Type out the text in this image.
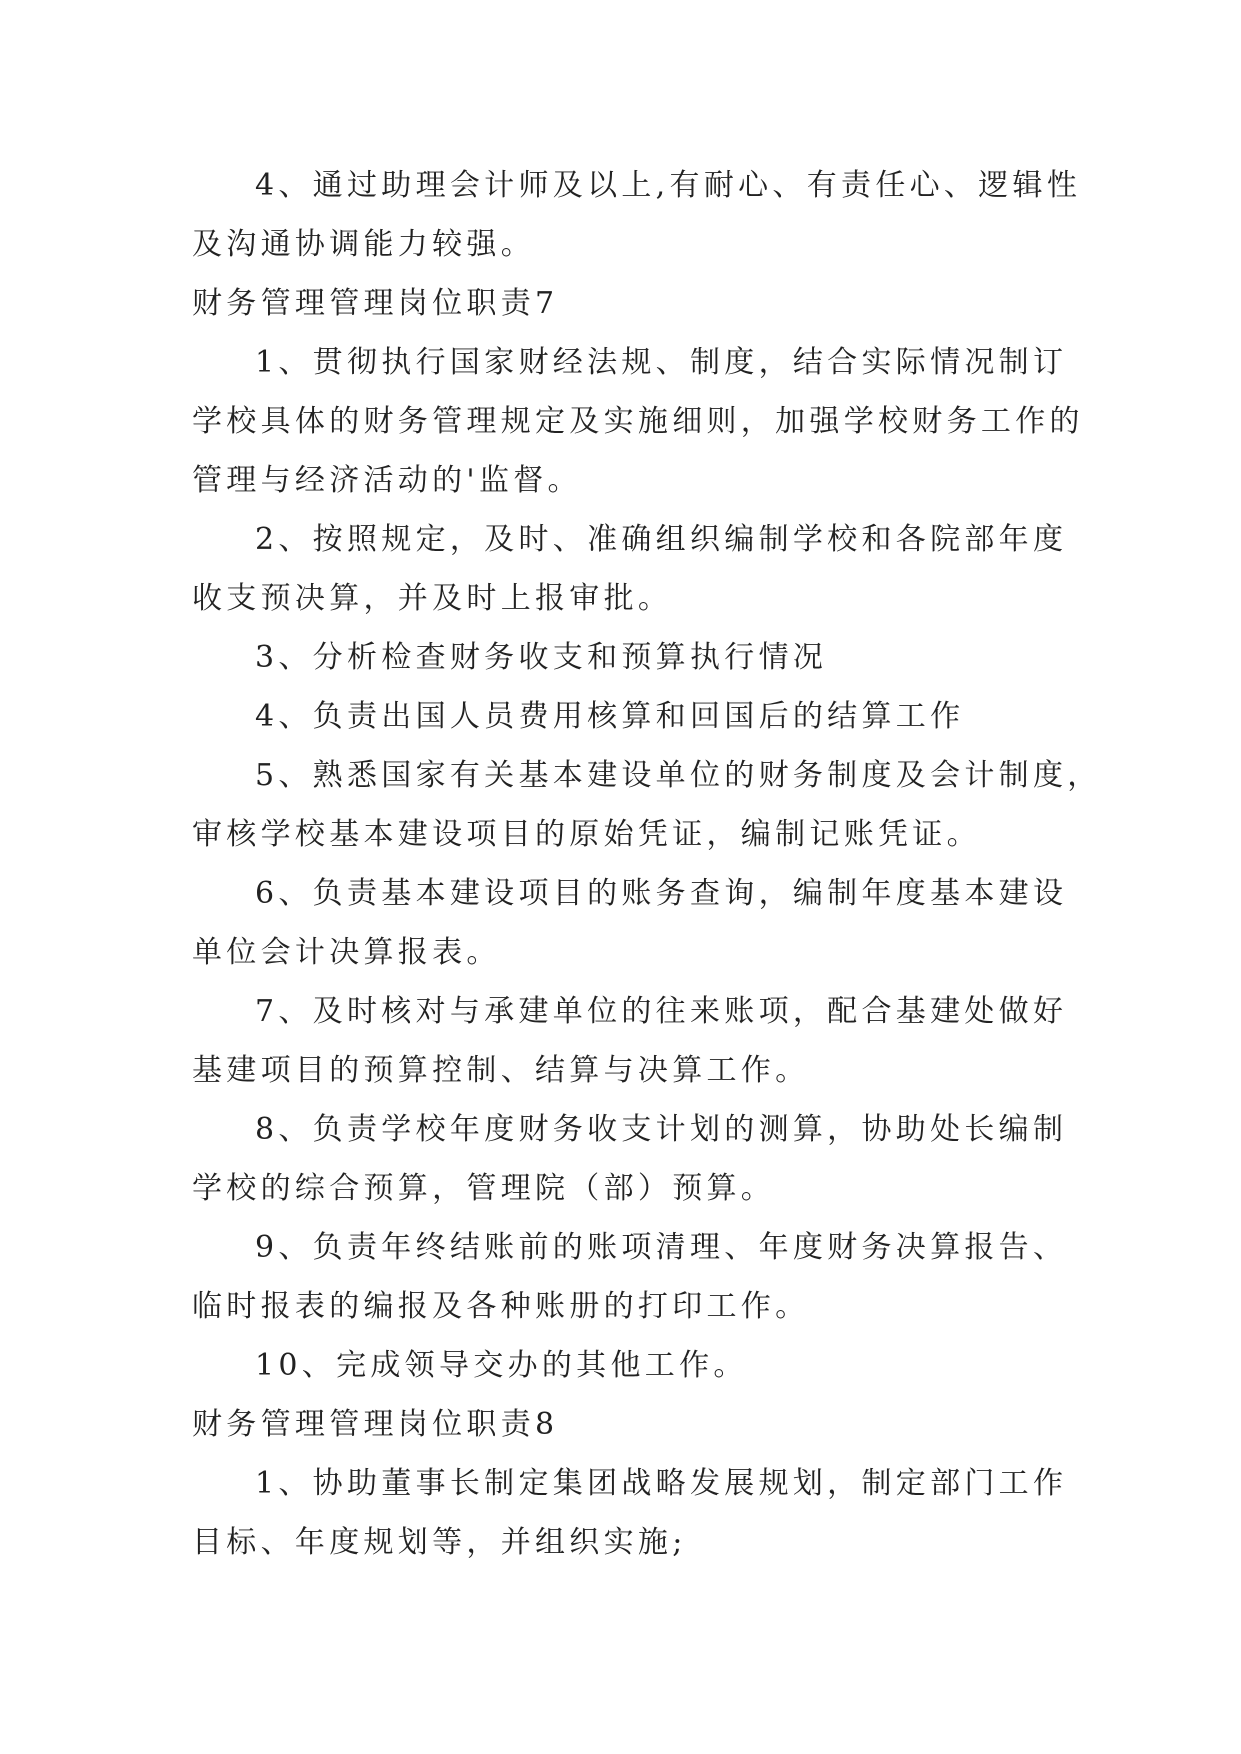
4、通过助理会计师及以上,有耐心、有责任心、逻辑性
及沟通协调能力较强。
财务管理管理岗位职责7
1、贯彻执行国家财经法规、制度，结合实际情况制订
学校具体的财务管理规定及实施细则，加强学校财务工作的
管理与经济活动的'监督。
2、按照规定，及时、准确组织编制学校和各院部年度
收支预决算，并及时上报审批。
3、分析检查财务收支和预算执行情况
4、负责出国人员费用核算和回国后的结算工作
5、熟悉国家有关基本建设单位的财务制度及会计制度，
审核学校基本建设项目的原始凭证，编制记账凭证。
6、负责基本建设项目的账务查询，编制年度基本建设
单位会计决算报表。
7、及时核对与承建单位的往来账项，配合基建处做好
基建项目的预算控制、结算与决算工作。
8、负责学校年度财务收支计划的测算，协助处长编制
学校的综合预算，管理院（部）预算。
9、负责年终结账前的账项清理、年度财务决算报告、
临时报表的编报及各种账册的打印工作。
10、完成领导交办的其他工作。
财务管理管理岗位职责8
1、协助董事长制定集团战略发展规划，制定部门工作
目标、年度规划等，并组织实施;
